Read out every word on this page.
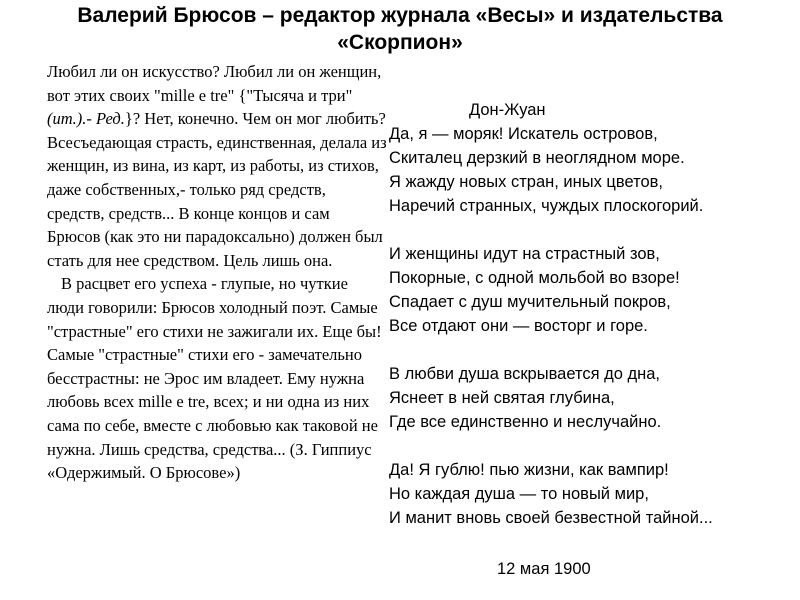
Валерий Брюсов – редактор журнала «Весы» и издательства «Скорпион»

Любил ли он искусство? Любил ли он женщин, вот этих своих "mille e tre" {"Тысяча и три" (um.).- Ред.}? Нет, конечно. Чем он мог любить? Всесъедающая страсть, единственная, делала из женщин, из вина, из карт, из работы, из стихов, даже собственных,- только ряд средств, средств, средств... В конце концов и сам Брюсов (как это ни парадоксально) должен был стать для нее средством. Цель лишь она.

В расцвет его успеха - глупые, но чуткие люди говорили: Брюсов холодный поэт. Самые "страстные" его стихи не зажигали их. Еще бы! Самые "страстные" стихи его - замечательно бесстрастны: не Эрос им владеет. Ему нужна любовь всех mille e tre, всех; и ни одна из них сама по себе, вместе с любовью как таковой не нужна. Лишь средства, средства... (З. Гиппиус «Одержимый. О Брюсове»)

Дон-Жуан
Да, я — моряк! Искатель островов,
Скиталец дерзкий в неоглядном море.
Я жажду новых стран, иных цветов,
Наречий странных, чуждых плоскогорий.
И женщины идут на страстный зов,
Покорные, с одной мольбой во взоре!
Спадает с душ мучительный покров,
Все отдают они — восторг и горе.
В любви душа вскрывается до дна,
Яснеет в ней святая глубина,
Где все единственно и неслучайно.
Да! Я гублю! пью жизни, как вампир!
Но каждая душа — то новый мир,
И манит вновь своей безвестной тайной...
12 мая 1900
